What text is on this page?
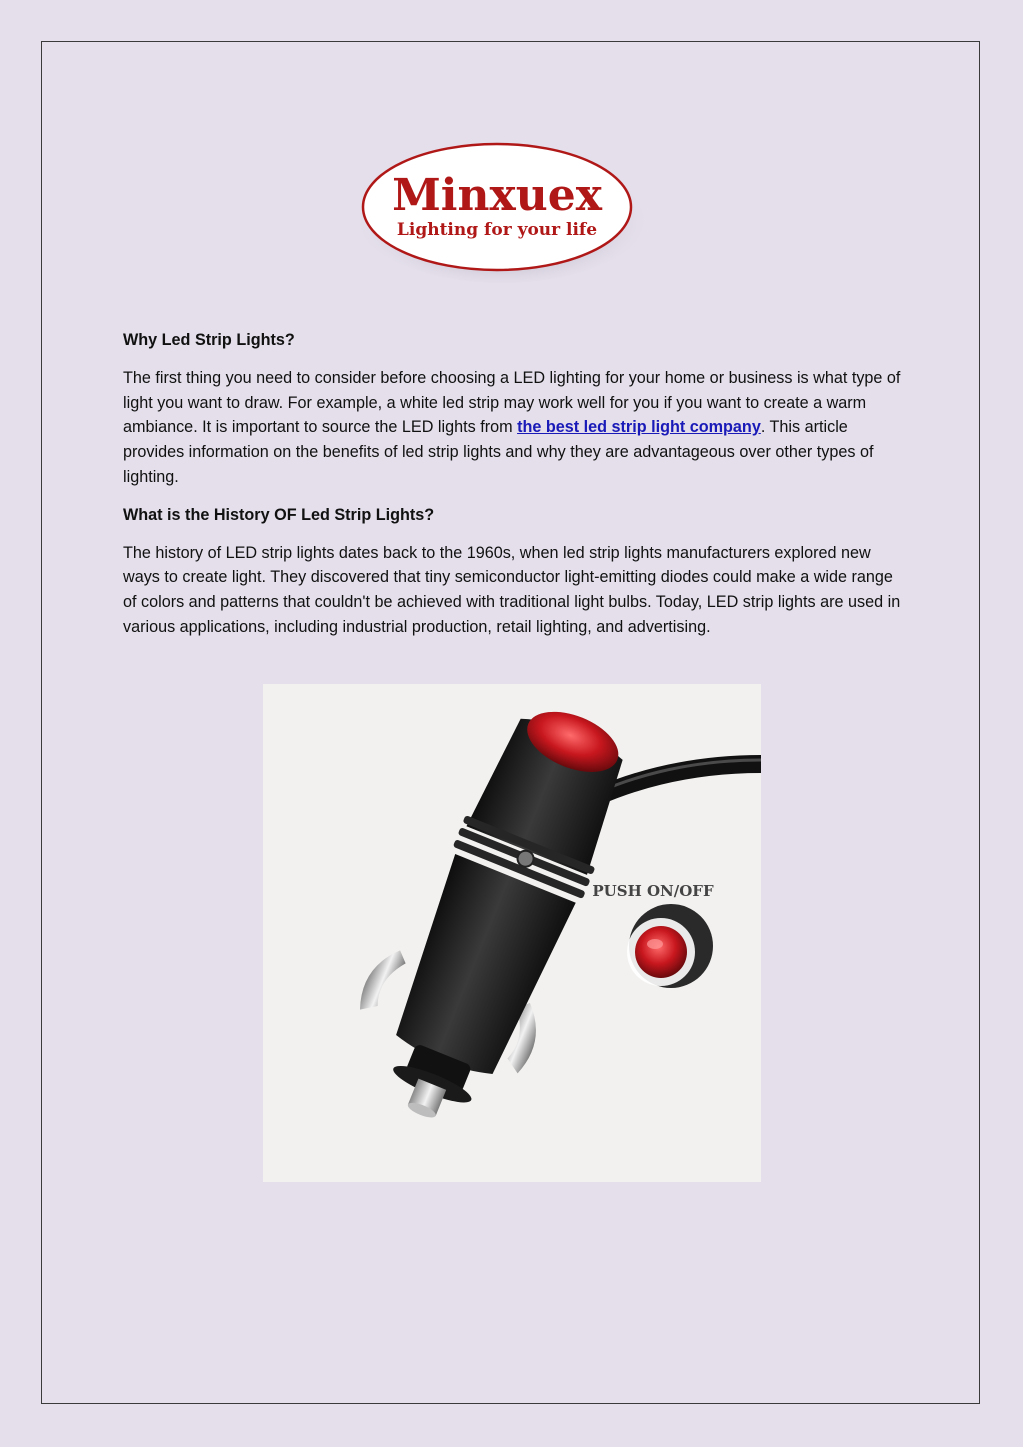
Minxuex
Lighting for your life
Why Led Strip Lights?

The first thing you need to consider before choosing a LED lighting for your home or business is what type of light you want to draw. For example, a white led strip may work well for you if you want to create a warm ambiance. It is important to source the LED lights from the best led strip light company. This article provides information on the benefits of led strip lights and why they are advantageous over other types of lighting.

What is the History OF Led Strip Lights?

The history of LED strip lights dates back to the 1960s, when led strip lights manufacturers explored new ways to create light. They discovered that tiny semiconductor light-emitting diodes could make a wide range of colors and patterns that couldn't be achieved with traditional light bulbs. Today, LED strip lights are used in various applications, including industrial production, retail lighting, and advertising.

PUSH ON/OFF
